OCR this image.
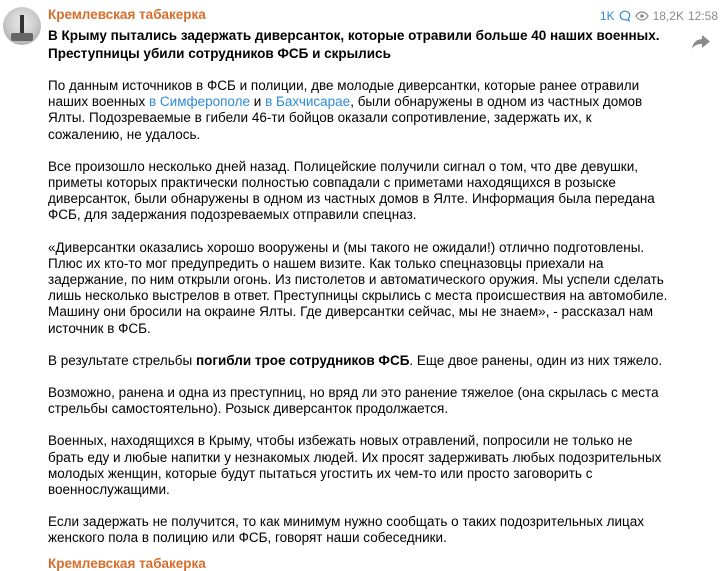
1K	18,2K 12:58
Кремлевская табакерка
В Крыму пытались задержать диверсанток, которые отравили больше 40 наших военных. Преступницы убили сотрудников ФСБ и скрылись
По данным источников в ФСБ и полиции, две молодые диверсантки, которые ранее отравили наших военных в Симферополе и в Бахчисарае, были обнаружены в одном из частных домов Ялты. Подозреваемые в гибели 46-ти бойцов оказали сопротивление, задержать их, к сожалению, не удалось.
Все произошло несколько дней назад. Полицейские получили сигнал о том, что две девушки, приметы которых практически полностью совпадали с приметами находящихся в розыске диверсанток, были обнаружены в одном из частных домов в Ялте. Информация была передана ФСБ, для задержания подозреваемых отправили спецназ.
«Диверсантки оказались хорошо вооружены и (мы такого не ожидали!) отлично подготовлены. Плюс их кто-то мог предупредить о нашем визите. Как только спецназовцы приехали на задержание, по ним открыли огонь. Из пистолетов и автоматического оружия. Мы успели сделать лишь несколько выстрелов в ответ. Преступницы скрылись с места происшествия на автомобиле. Машину они бросили на окраине Ялты. Где диверсантки сейчас, мы не знаем», - рассказал нам источник в ФСБ.
В результате стрельбы погибли трое сотрудников ФСБ. Еще двое ранены, один из них тяжело.
Возможно, ранена и одна из преступниц, но вряд ли это ранение тяжелое (она скрылась с места стрельбы самостоятельно). Розыск диверсанток продолжается.
Военных, находящихся в Крыму, чтобы избежать новых отравлений, попросили не только не брать еду и любые напитки у незнакомых людей. Их просят задерживать любых подозрительных молодых женщин, которые будут пытаться угостить их чем-то или просто заговорить с военнослужащими.
Если задержать не получится, то как минимум нужно сообщать о таких подозрительных лицах женского пола в полицию или ФСБ, говорят наши собеседники.
Кремлевская табакерка
